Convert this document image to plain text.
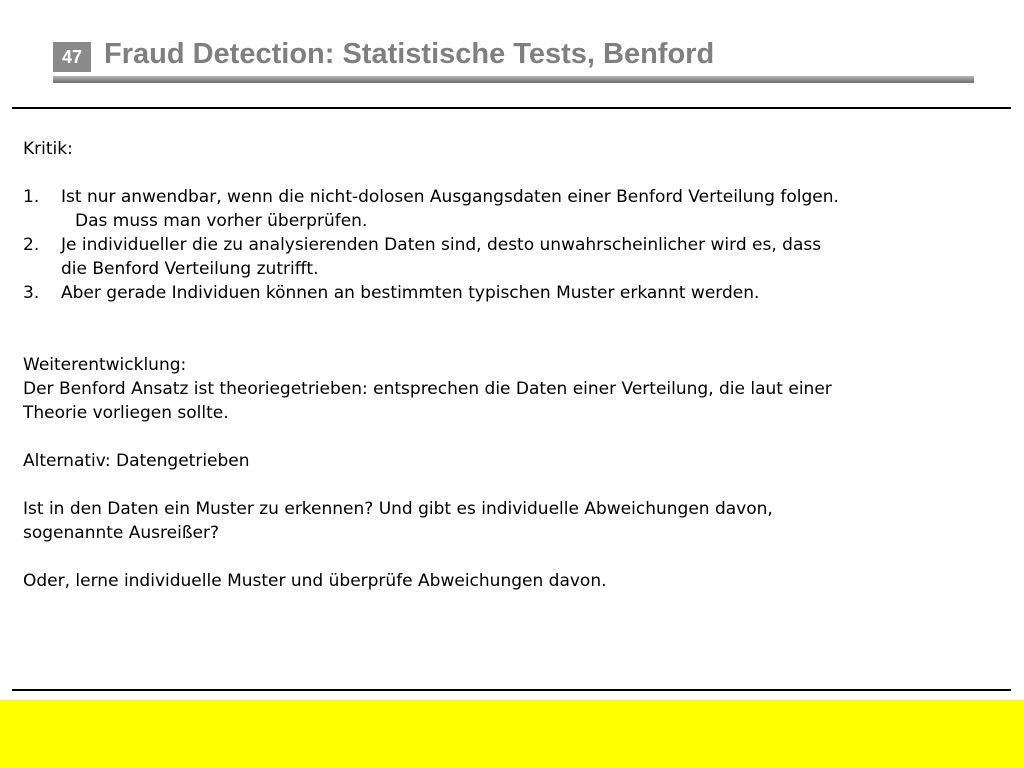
47 Fraud Detection: Statistische Tests, Benford

Kritik:

1. Ist nur anwendbar, wenn die nicht-dolosen Ausgangsdaten einer Benford Verteilung folgen.

Das muss man vorher überprüfen.

2. Je individueller die zu analysierenden Daten sind, desto unwahrscheinlicher wird es, dass

die Benford Verteilung zutrifft.

3. Aber gerade Individuen können an bestimmten typischen Muster erkannt werden.

Weiterentwicklung:

Der Benford Ansatz ist theoriegetrieben: entsprechen die Daten einer Verteilung, die laut einer

Theorie vorliegen sollte.

Alternativ: Datengetrieben

Ist in den Daten ein Muster zu erkennen? Und gibt es individuelle Abweichungen davon,

sogenannte Ausreißer?

Oder, lerne individuelle Muster und überprüfe Abweichungen davon.
